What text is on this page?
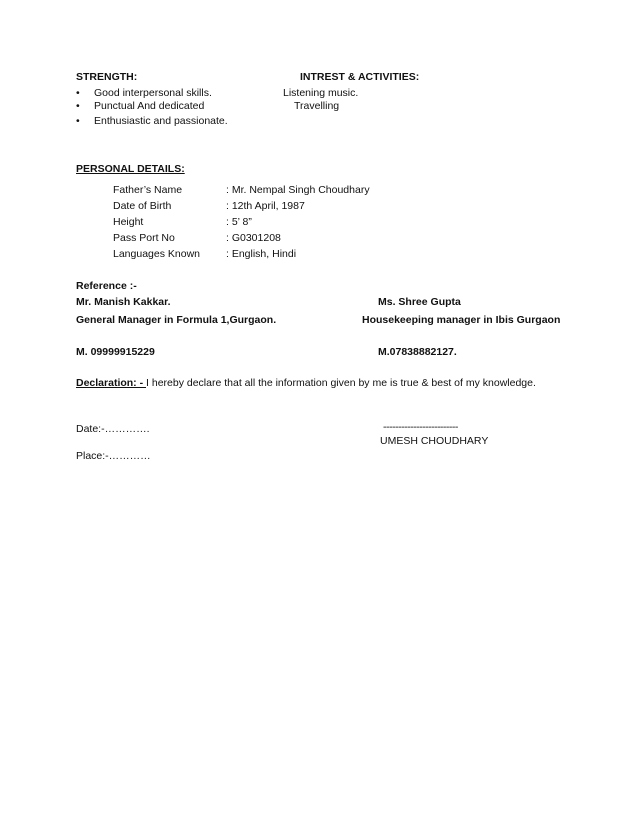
STRENGTH:
• Good interpersonal skills.
• Punctual And dedicated
• Enthusiastic and passionate.
INTREST & ACTIVITIES:
Listening music.
Travelling
PERSONAL DETAILS:
Father’s Name	: Mr. Nempal Singh Choudhary
Date of Birth	: 12th April, 1987
Height	: 5’ 8”
Pass Port No	: G0301208
Languages Known : English, Hindi
Reference :-
Mr. Manish Kakkar.	Ms. Shree Gupta
General Manager in Formula 1,Gurgaon.	Housekeeping manager in Ibis Gurgaon
M. 09999915229	M.07838882127.
Declaration: - I hereby declare that all the information given by me is true & best of my knowledge.
Date:-………….	-------------------------
UMESH CHOUDHARY
Place:-…………
